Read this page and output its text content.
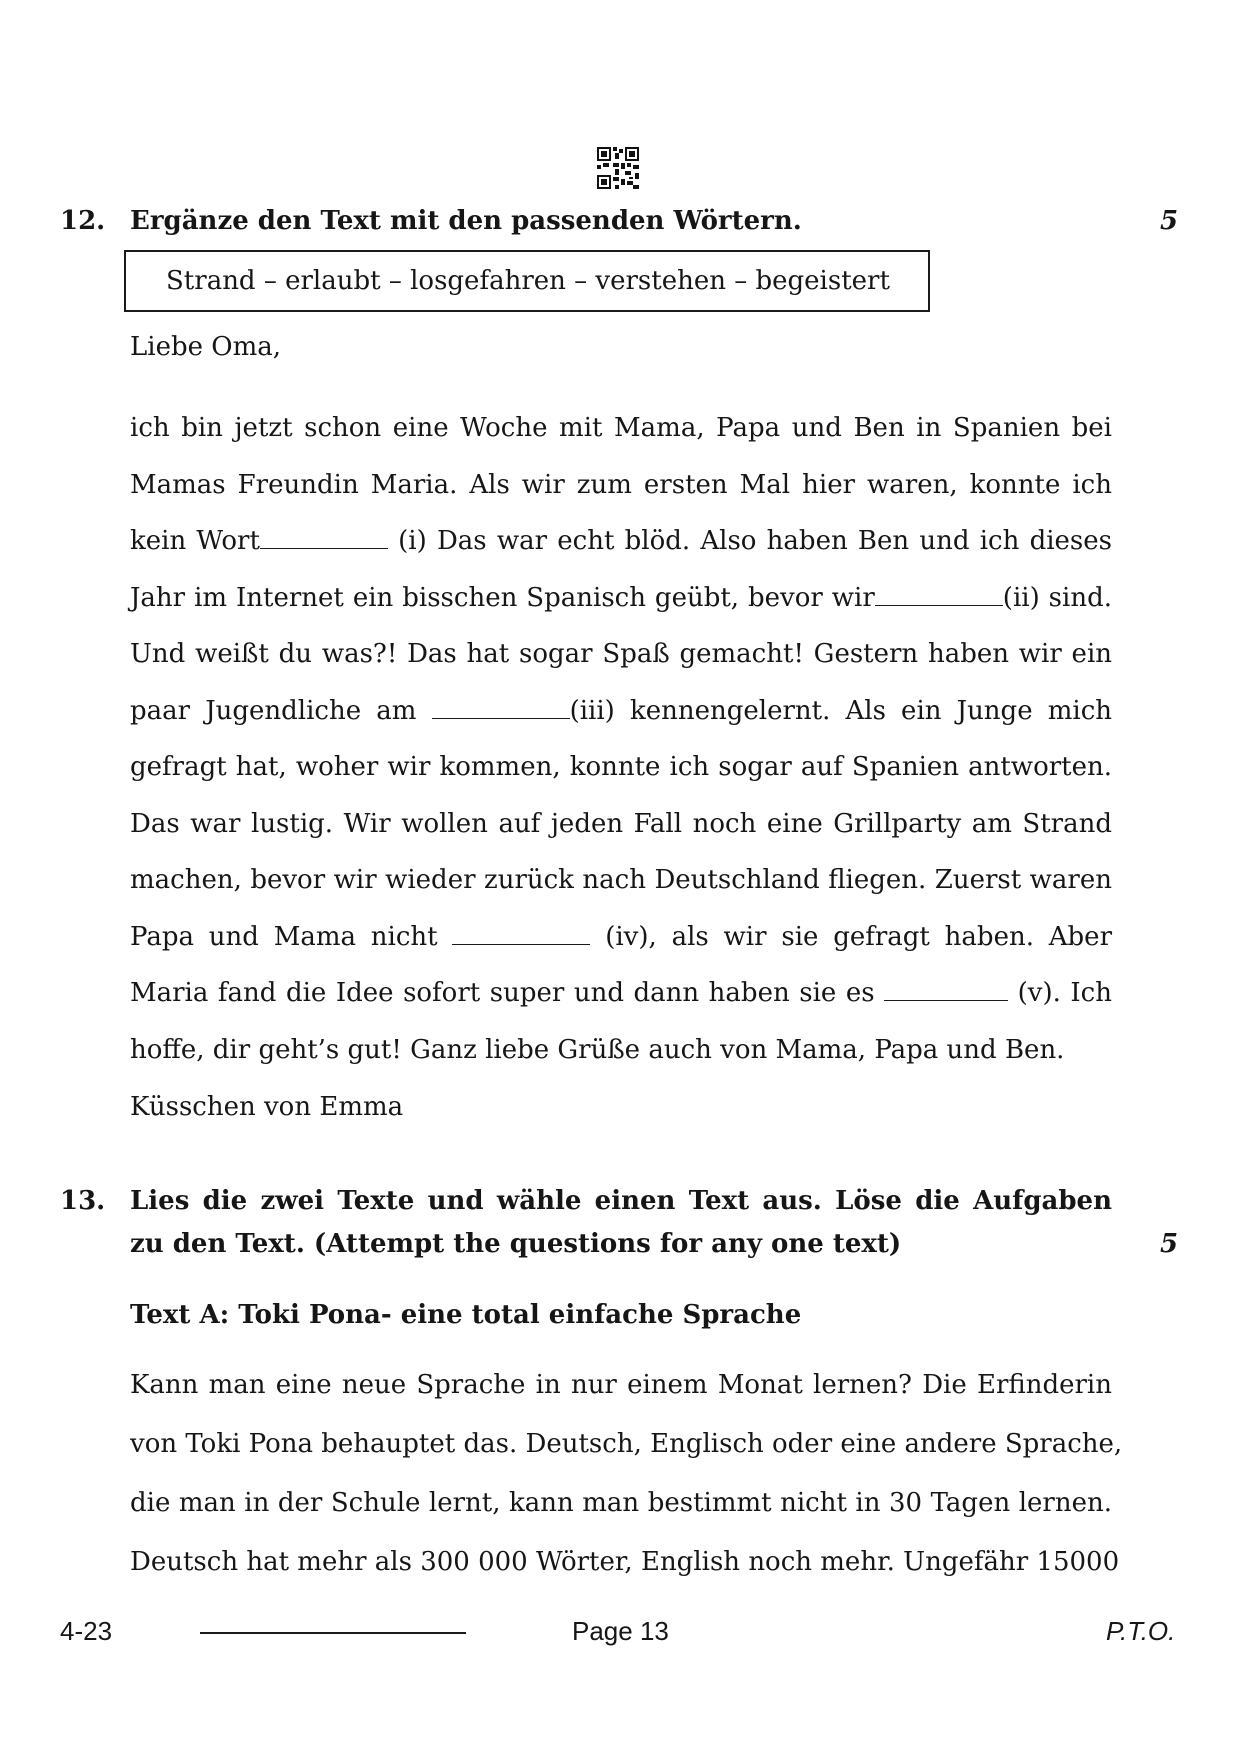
12. Ergänze den Text mit den passenden Wörtern.	5
Strand – erlaubt – losgefahren – verstehen – begeistert
Liebe Oma,
ich bin jetzt schon eine Woche mit Mama, Papa und Ben in Spanien bei
Mamas Freundin Maria. Als wir zum ersten Mal hier waren, konnte ich
kein Wort	(i) Das war echt blöd. Also haben Ben und ich dieses
Jahr im Internet ein bisschen Spanisch geübt, bevor wir	(ii) sind.
Und weißt du was?! Das hat sogar Spaß gemacht! Gestern haben wir ein
paar Jugendliche am	(iii) kennengelernt. Als ein Junge mich
gefragt hat, woher wir kommen, konnte ich sogar auf Spanien antworten.
Das war lustig. Wir wollen auf jeden Fall noch eine Grillparty am Strand
machen, bevor wir wieder zurück nach Deutschland fliegen. Zuerst waren
Papa und Mama nicht	(iv), als wir sie gefragt haben. Aber
Maria fand die Idee sofort super und dann haben sie es	(v). Ich
hoffe, dir geht’s gut! Ganz liebe Grüße auch von Mama, Papa und Ben.
Küsschen von Emma
13. Lies die zwei Texte und wähle einen Text aus. Löse die Aufgaben
zu den Text. (Attempt the questions for any one text)	5
Text A: Toki Pona- eine total einfache Sprache
Kann man eine neue Sprache in nur einem Monat lernen? Die Erfinderin
von Toki Pona behauptet das. Deutsch, Englisch oder eine andere Sprache,
die man in der Schule lernt, kann man bestimmt nicht in 30 Tagen lernen.
Deutsch hat mehr als 300 000 Wörter, English noch mehr. Ungefähr 15000
4-23	Page 13	P.T.O.
